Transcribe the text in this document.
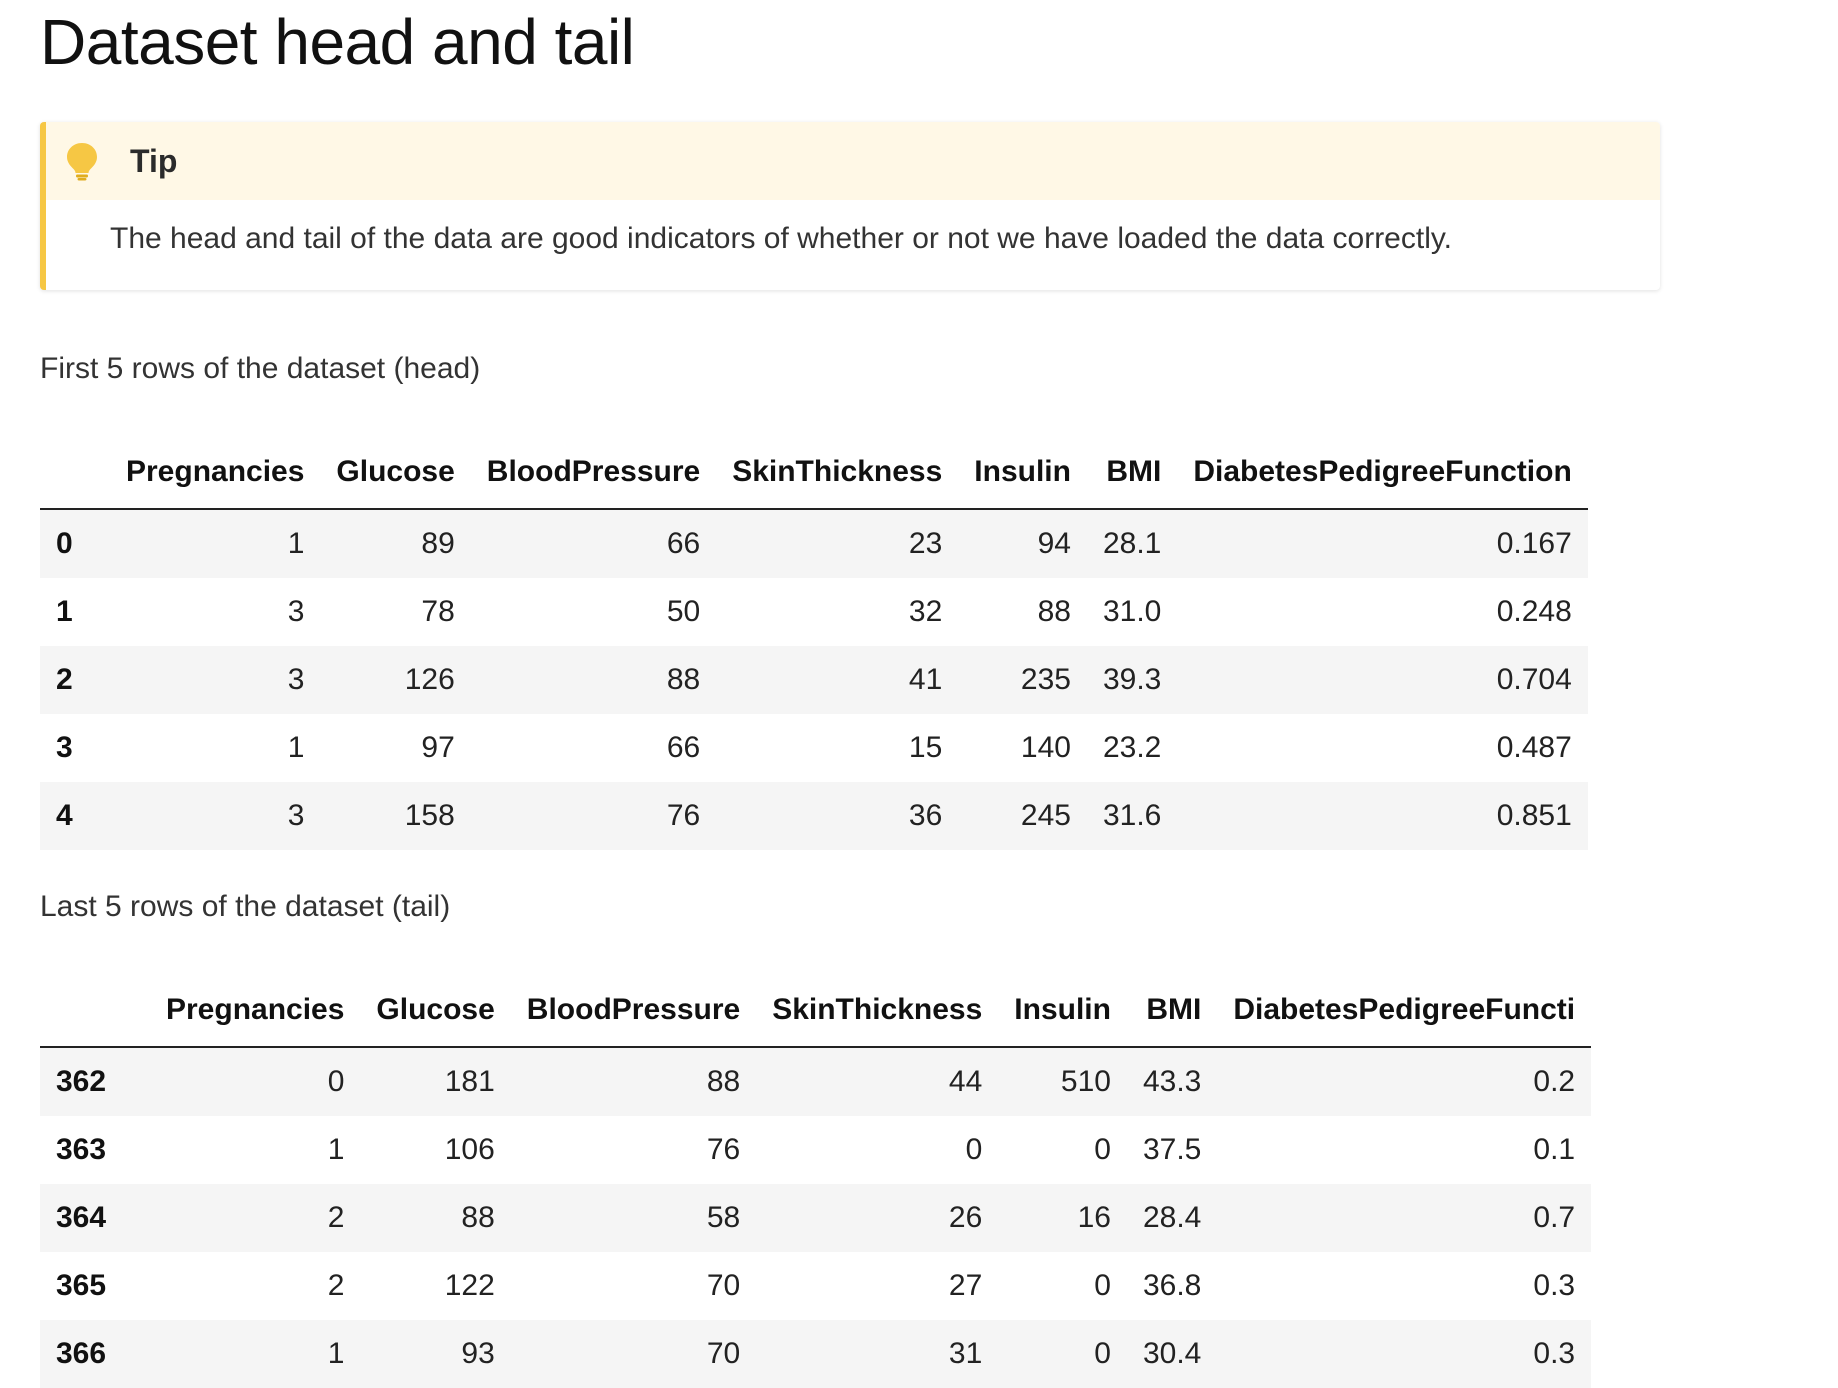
Dataset head and tail
Tip
The head and tail of the data are good indicators of whether or not we have loaded the data correctly.
First 5 rows of the dataset (head)
	Pregnancies	Glucose	BloodPressure	SkinThickness	Insulin	BMI	DiabetesPedigreeFunction
0	1	89	66	23	94	28.1	0.167
1	3	78	50	32	88	31.0	0.248
2	3	126	88	41	235	39.3	0.704
3	1	97	66	15	140	23.2	0.487
4	3	158	76	36	245	31.6	0.851
Last 5 rows of the dataset (tail)
	Pregnancies	Glucose	BloodPressure	SkinThickness	Insulin	BMI	DiabetesPedigreeFuncti
362	0	181	88	44	510	43.3	0.2
363	1	106	76	0	0	37.5	0.1
364	2	88	58	26	16	28.4	0.7
365	2	122	70	27	0	36.8	0.3
366	1	93	70	31	0	30.4	0.3
